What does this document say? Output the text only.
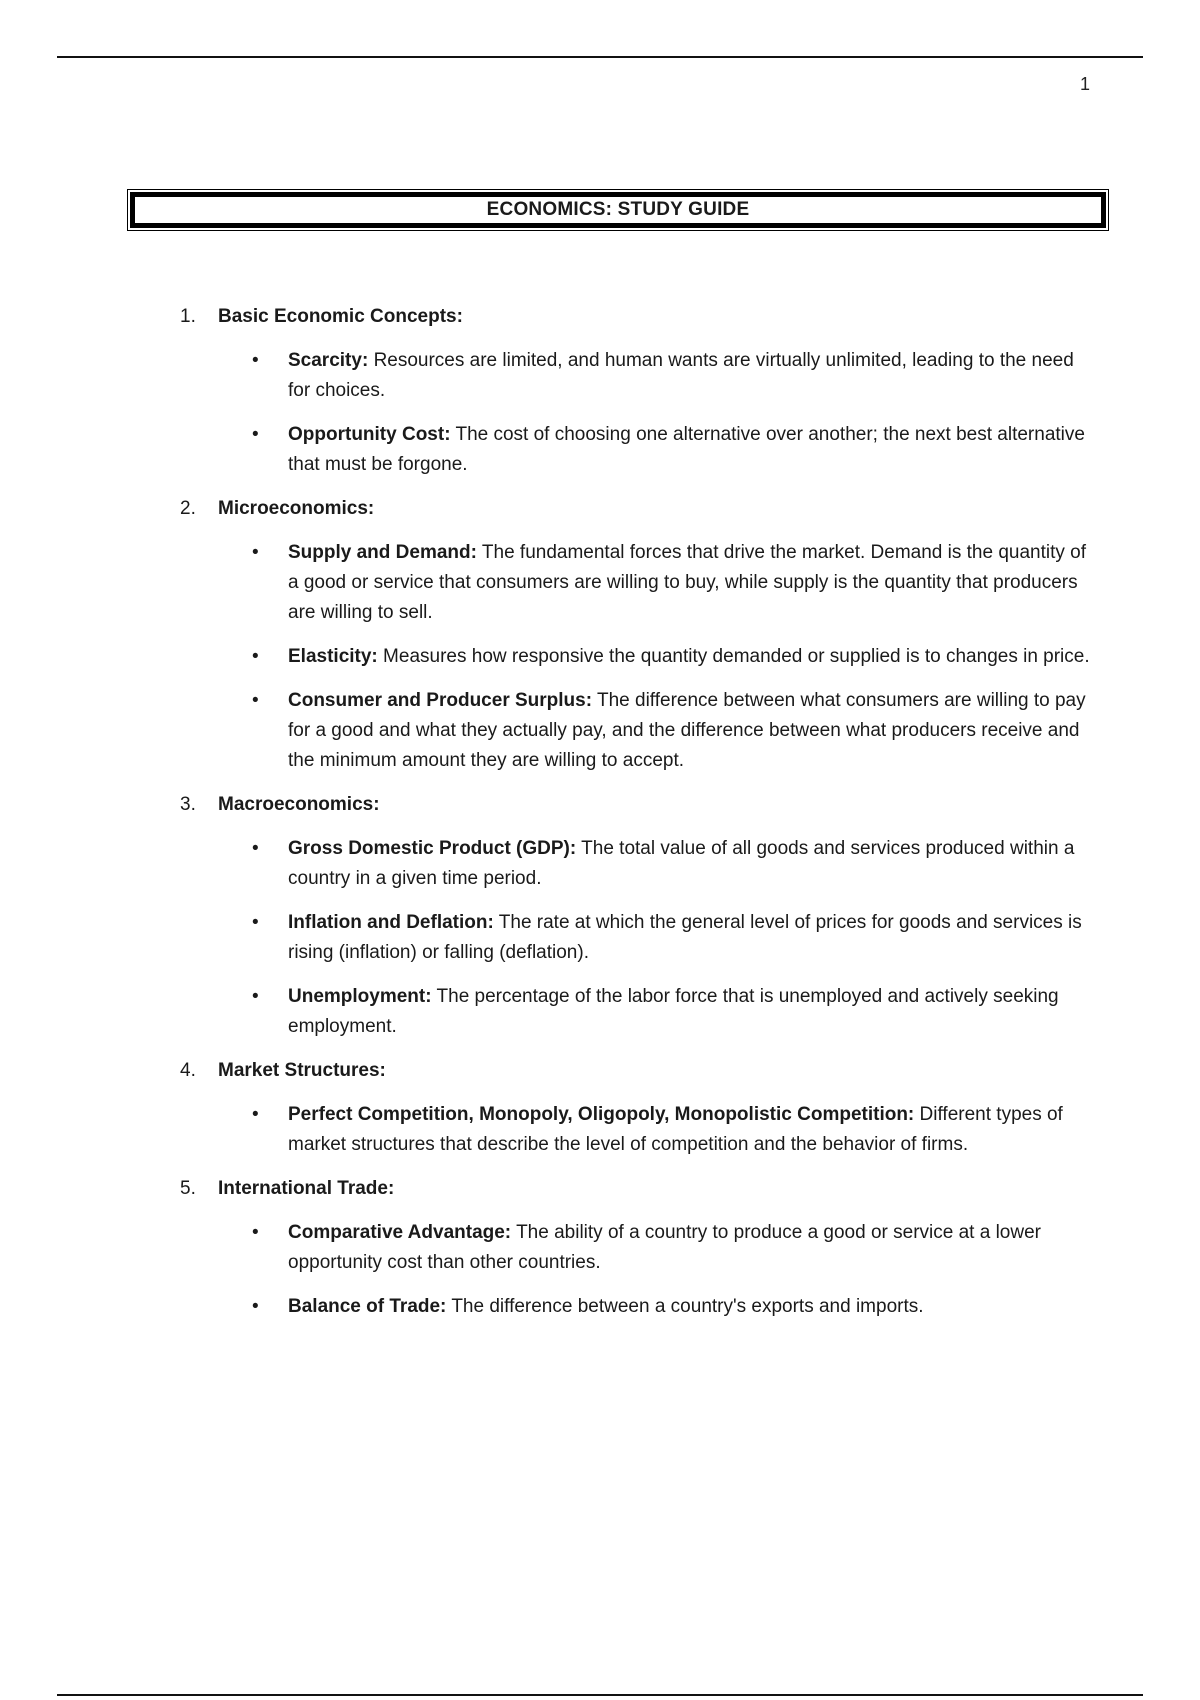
1
ECONOMICS: STUDY GUIDE
1.	Basic Economic Concepts:
• Scarcity: Resources are limited, and human wants are virtually unlimited, leading to the need for choices.
• Opportunity Cost: The cost of choosing one alternative over another; the next best alternative that must be forgone.
2.	Microeconomics:
• Supply and Demand: The fundamental forces that drive the market. Demand is the quantity of a good or service that consumers are willing to buy, while supply is the quantity that producers are willing to sell.
• Elasticity: Measures how responsive the quantity demanded or supplied is to changes in price.
• Consumer and Producer Surplus: The difference between what consumers are willing to pay for a good and what they actually pay, and the difference between what producers receive and the minimum amount they are willing to accept.
3.	Macroeconomics:
• Gross Domestic Product (GDP): The total value of all goods and services produced within a country in a given time period.
• Inflation and Deflation: The rate at which the general level of prices for goods and services is rising (inflation) or falling (deflation).
• Unemployment: The percentage of the labor force that is unemployed and actively seeking employment.
4.	Market Structures:
• Perfect Competition, Monopoly, Oligopoly, Monopolistic Competition: Different types of market structures that describe the level of competition and the behavior of firms.
5.	International Trade:
• Comparative Advantage: The ability of a country to produce a good or service at a lower opportunity cost than other countries.
• Balance of Trade: The difference between a country's exports and imports.
